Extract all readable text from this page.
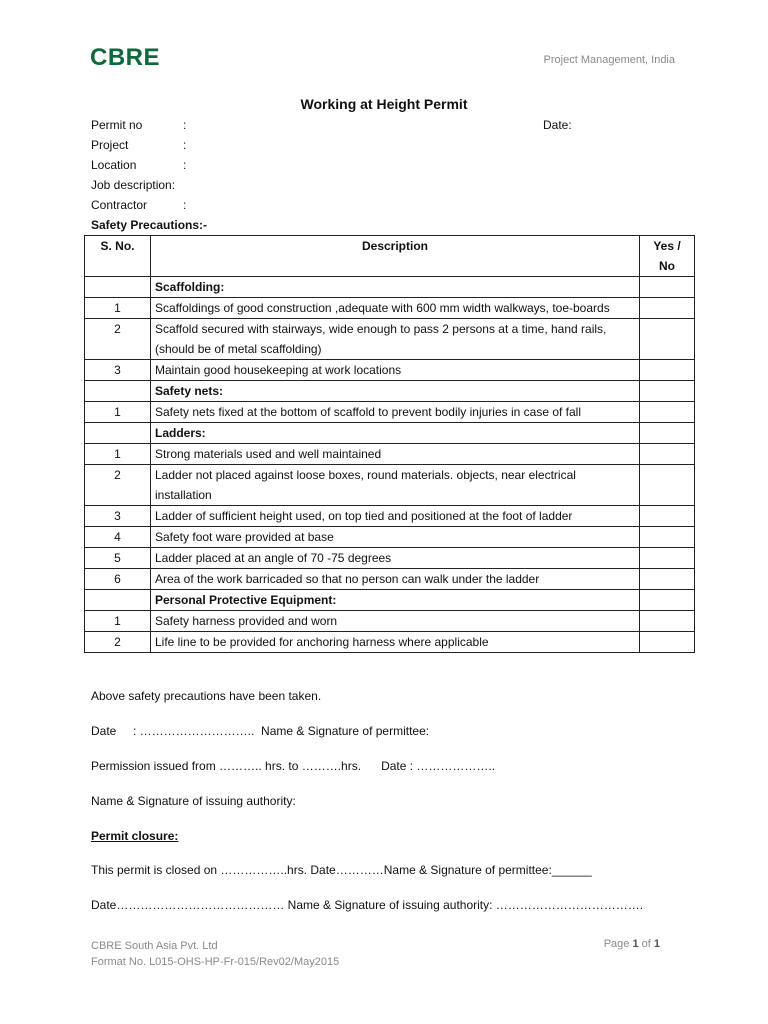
CBRE	Project Management, India
Working at Height Permit
Permit no	:	Date:
Project	:
Location	:
Job description:
Contractor	:
Safety Precautions:-
S. No.	Description	Yes / No
	Scaffolding:	
1	Scaffoldings of good construction ,adequate with 600 mm width walkways, toe-boards	
2	Scaffold secured with stairways, wide enough to pass 2 persons at a time, hand rails,(should be of metal scaffolding)	
3	Maintain good housekeeping at work locations	
	Safety nets:	
1	Safety nets fixed at the bottom of scaffold to prevent bodily injuries in case of fall	
	Ladders:	
1	Strong materials used and well maintained	
2	Ladder not placed against loose boxes, round materials. objects, near electrical installation	
3	Ladder of sufficient height used, on top tied and positioned at the foot of ladder	
4	Safety foot ware provided at base	
5	Ladder placed at an angle of 70 -75 degrees	
6	Area of the work barricaded so that no person can walk under the ladder	
	Personal Protective Equipment:	
1	Safety harness provided and worn	
2	Life line to be provided for anchoring harness where applicable	
Above safety precautions have been taken.
Date     : ………………………..  Name & Signature of permittee:
Permission issued from ……….. hrs. to ……….hrs.      Date : ………………..
Name & Signature of issuing authority:
Permit closure:
This permit is closed on ……………..hrs. Date…………Name & Signature of permittee:______
Date…………………………………… Name & Signature of issuing authority: ……………………………….
CBRE South Asia Pvt. Ltd
Format No. L015-OHS-HP-Fr-015/Rev02/May2015
Page 1 of 1
